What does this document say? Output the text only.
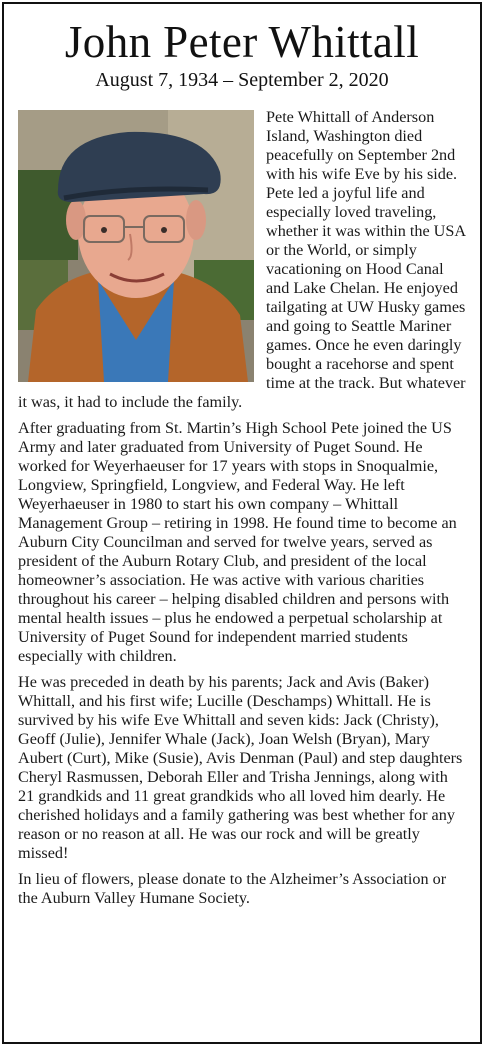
John Peter Whittall
August 7, 1934 – September 2, 2020

Pete Whittall of Anderson Island, Washington died peacefully on September 2nd with his wife Eve by his side. Pete led a joyful life and especially loved traveling, whether it was within the USA or the World, or simply vacationing on Hood Canal and Lake Chelan. He enjoyed tailgating at UW Husky games and going to Seattle Mariner games. Once he even daringly bought a racehorse and spent time at the track. But whatever it was, it had to include the family.

After graduating from St. Martin’s High School Pete joined the US Army and later graduated from University of Puget Sound. He worked for Weyerhaeuser for 17 years with stops in Snoqualmie, Longview, Springfield, Longview, and Federal Way. He left Weyerhaeuser in 1980 to start his own company – Whittall Management Group – retiring in 1998. He found time to become an Auburn City Councilman and served for twelve years, served as president of the Auburn Rotary Club, and president of the local homeowner’s association. He was active with various charities throughout his career – helping disabled children and persons with mental health issues – plus he endowed a perpetual scholarship at University of Puget Sound for independent married students especially with children.

He was preceded in death by his parents; Jack and Avis (Baker) Whittall, and his first wife; Lucille (Deschamps) Whittall. He is survived by his wife Eve Whittall and seven kids: Jack (Christy), Geoff (Julie), Jennifer Whale (Jack), Joan Welsh (Bryan), Mary Aubert (Curt), Mike (Susie), Avis Denman (Paul) and step daughters Cheryl Rasmussen, Deborah Eller and Trisha Jennings, along with 21 grandkids and 11 great grandkids who all loved him dearly. He cherished holidays and a family gathering was best whether for any reason or no reason at all. He was our rock and will be greatly missed!

In lieu of flowers, please donate to the Alzheimer’s Association or the Auburn Valley Humane Society.
